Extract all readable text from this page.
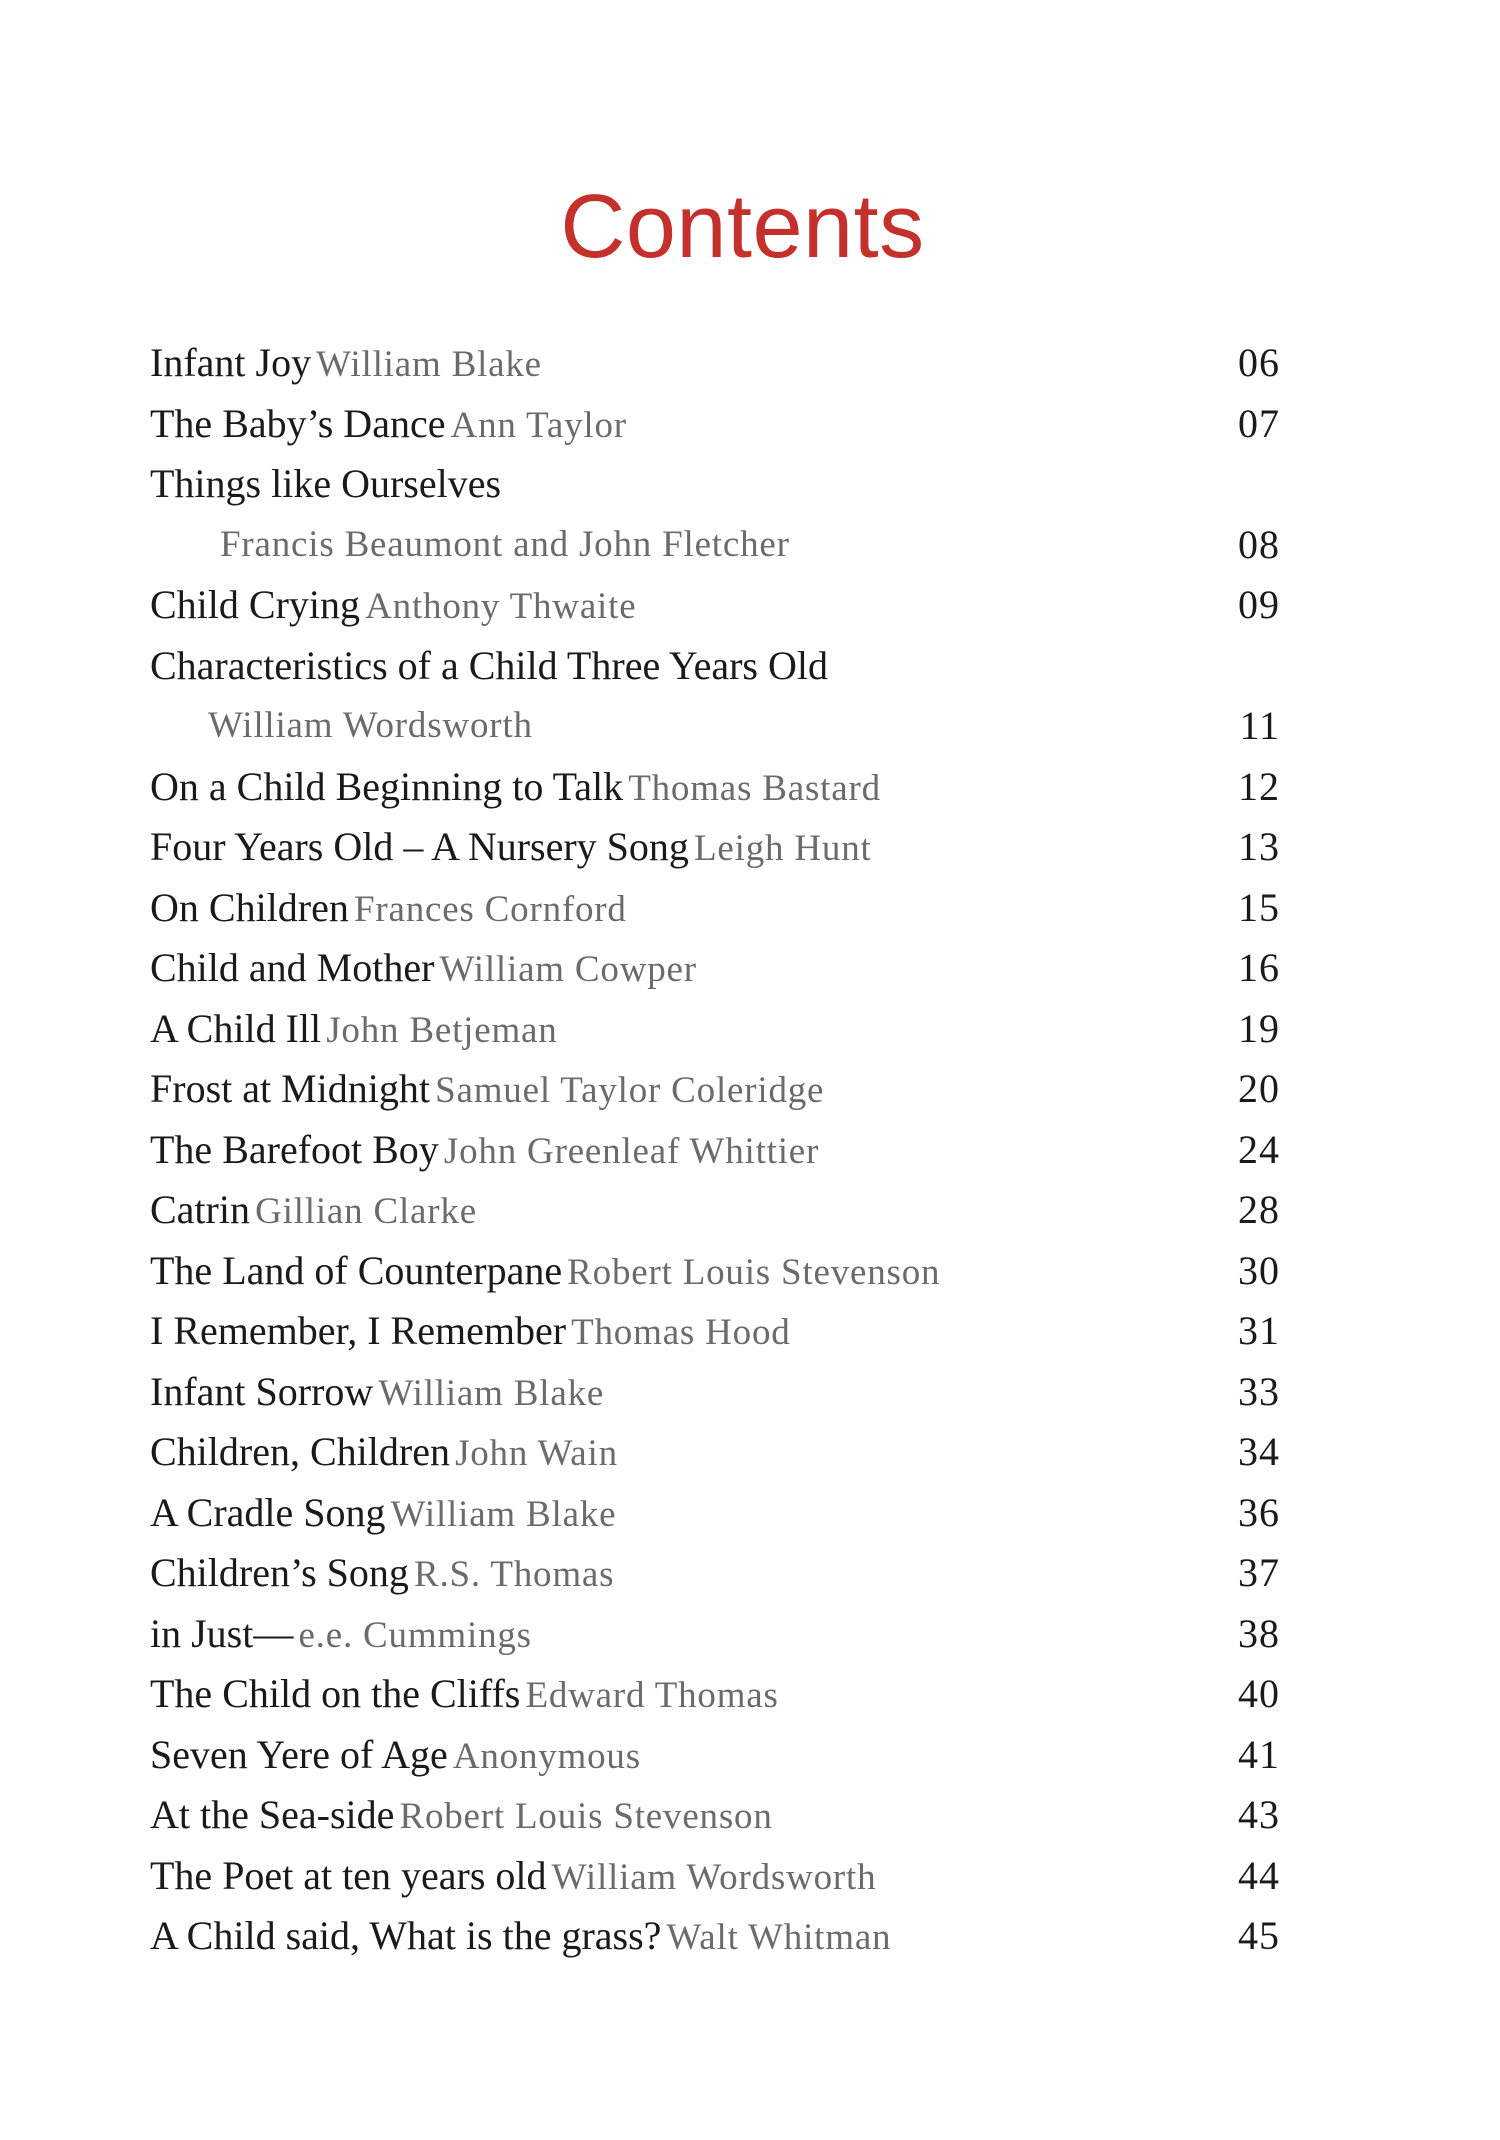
Contents
Infant Joy William Blake	06
The Baby’s Dance Ann Taylor	07
Things like Ourselves
Francis Beaumont and John Fletcher	08
Child Crying Anthony Thwaite	09
Characteristics of a Child Three Years Old
William Wordsworth	11
On a Child Beginning to Talk Thomas Bastard	12
Four Years Old – A Nursery Song Leigh Hunt	13
On Children Frances Cornford	15
Child and Mother William Cowper	16
A Child Ill John Betjeman	19
Frost at Midnight Samuel Taylor Coleridge	20
The Barefoot Boy John Greenleaf Whittier	24
Catrin Gillian Clarke	28
The Land of Counterpane Robert Louis Stevenson	30
I Remember, I Remember Thomas Hood	31
Infant Sorrow William Blake	33
Children, Children John Wain	34
A Cradle Song William Blake	36
Children’s Song R.S. Thomas	37
in Just— e.e. Cummings	38
The Child on the Cliffs Edward Thomas	40
Seven Yere of Age Anonymous	41
At the Sea-side Robert Louis Stevenson	43
The Poet at ten years old William Wordsworth	44
A Child said, What is the grass? Walt Whitman	45
